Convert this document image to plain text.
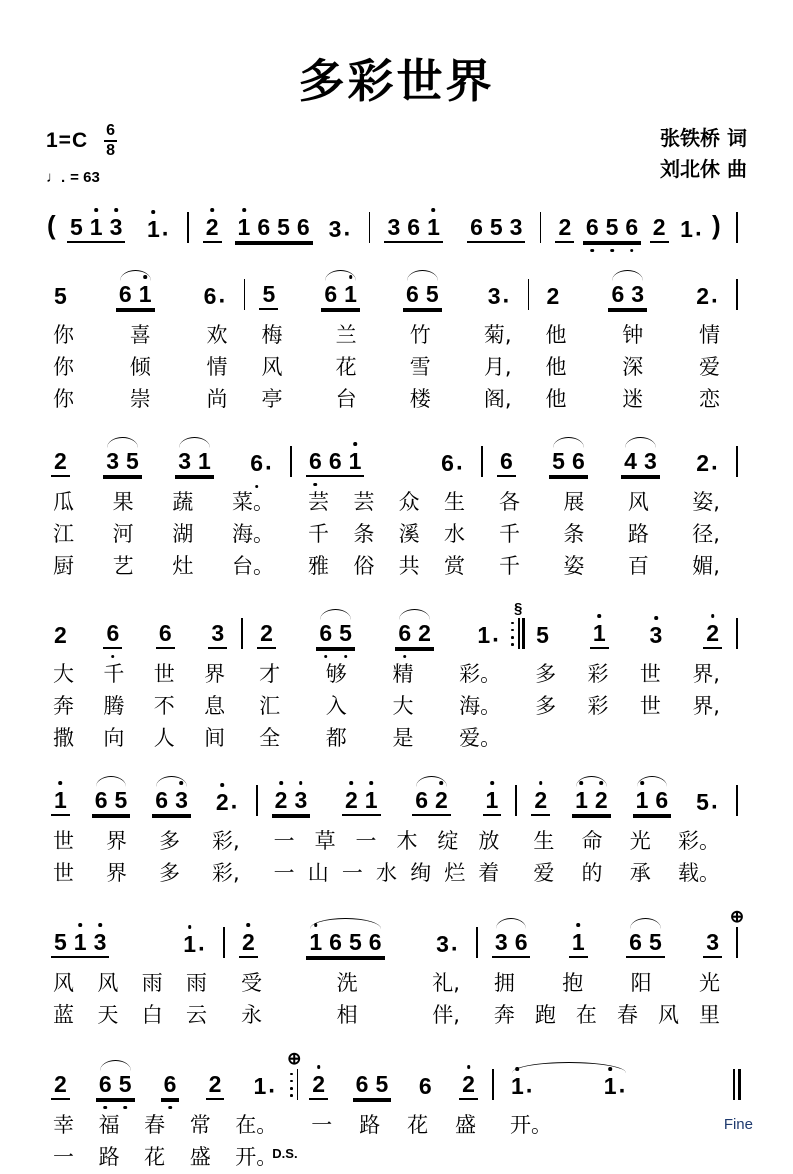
多彩世界
1=C 6
8
♩. = 63
张铁桥 词
刘北休 曲
(	5 1 3 1 ·		2 1 6 5 6 3 ·		3 6 1 6 5 3		2 6 5 6 2 1 ·	)	
5 6 1 6 ·		5 6 1 6 5 3 ·		2 6 3 2 ·

你	喜	欢		梅	兰	竹	菊,		他	钟	情

你	倾	情		风	花	雪	月,		他	深	爱

你	崇	尚		亭	台	楼	阁,		他	迷	恋

2 3 5 3 1 6 ·		6 6 1	6 ·		6 5 6 4 3 2 ·

瓜 果 蔬 菜。		芸 芸 众 生		各 展 风 姿,

江 河 湖 海。		千 条 溪 水		千 条 路 径,

厨 艺 灶 台。		雅 俗 共 赏		千 姿 百 媚,

2 6 6 3		2 6 5 6 2 1 ·

§

5 1 3 2

大 千 世 界		才 够 精 彩。		多 彩 世 界,

奔 腾 不 息		汇 入 大 海。		多 彩 世 界,

撒 向 人 间		全 都 是 爱。

1 6 5 6 3 2 ·		2 3 2 1 6 2 1		2 1 2 1 6 5 ·

世 界 多 彩,		一 草 一 木 绽 放		生 命 光 彩。

世 界 多 彩,		一 山 一 水 绚 烂 着		爱 的 承 载。

5 1 3	1 ·		2 1 6 5 6 3 ·		3 6 1 6 5 3

⊕

风 风 雨 雨		受	洗	礼,		拥 抱 阳 光

蓝 天 白 云		永	相	伴,		奔 跑 在 春 风 里

2 6 5 6 2 1 ·

⊕

2 6 5 6 2		1 ·	1 ·

幸 福 春 常 在。		一 路 花 盛		开。	Fine

一 路 花 盛 开。

D.S.
